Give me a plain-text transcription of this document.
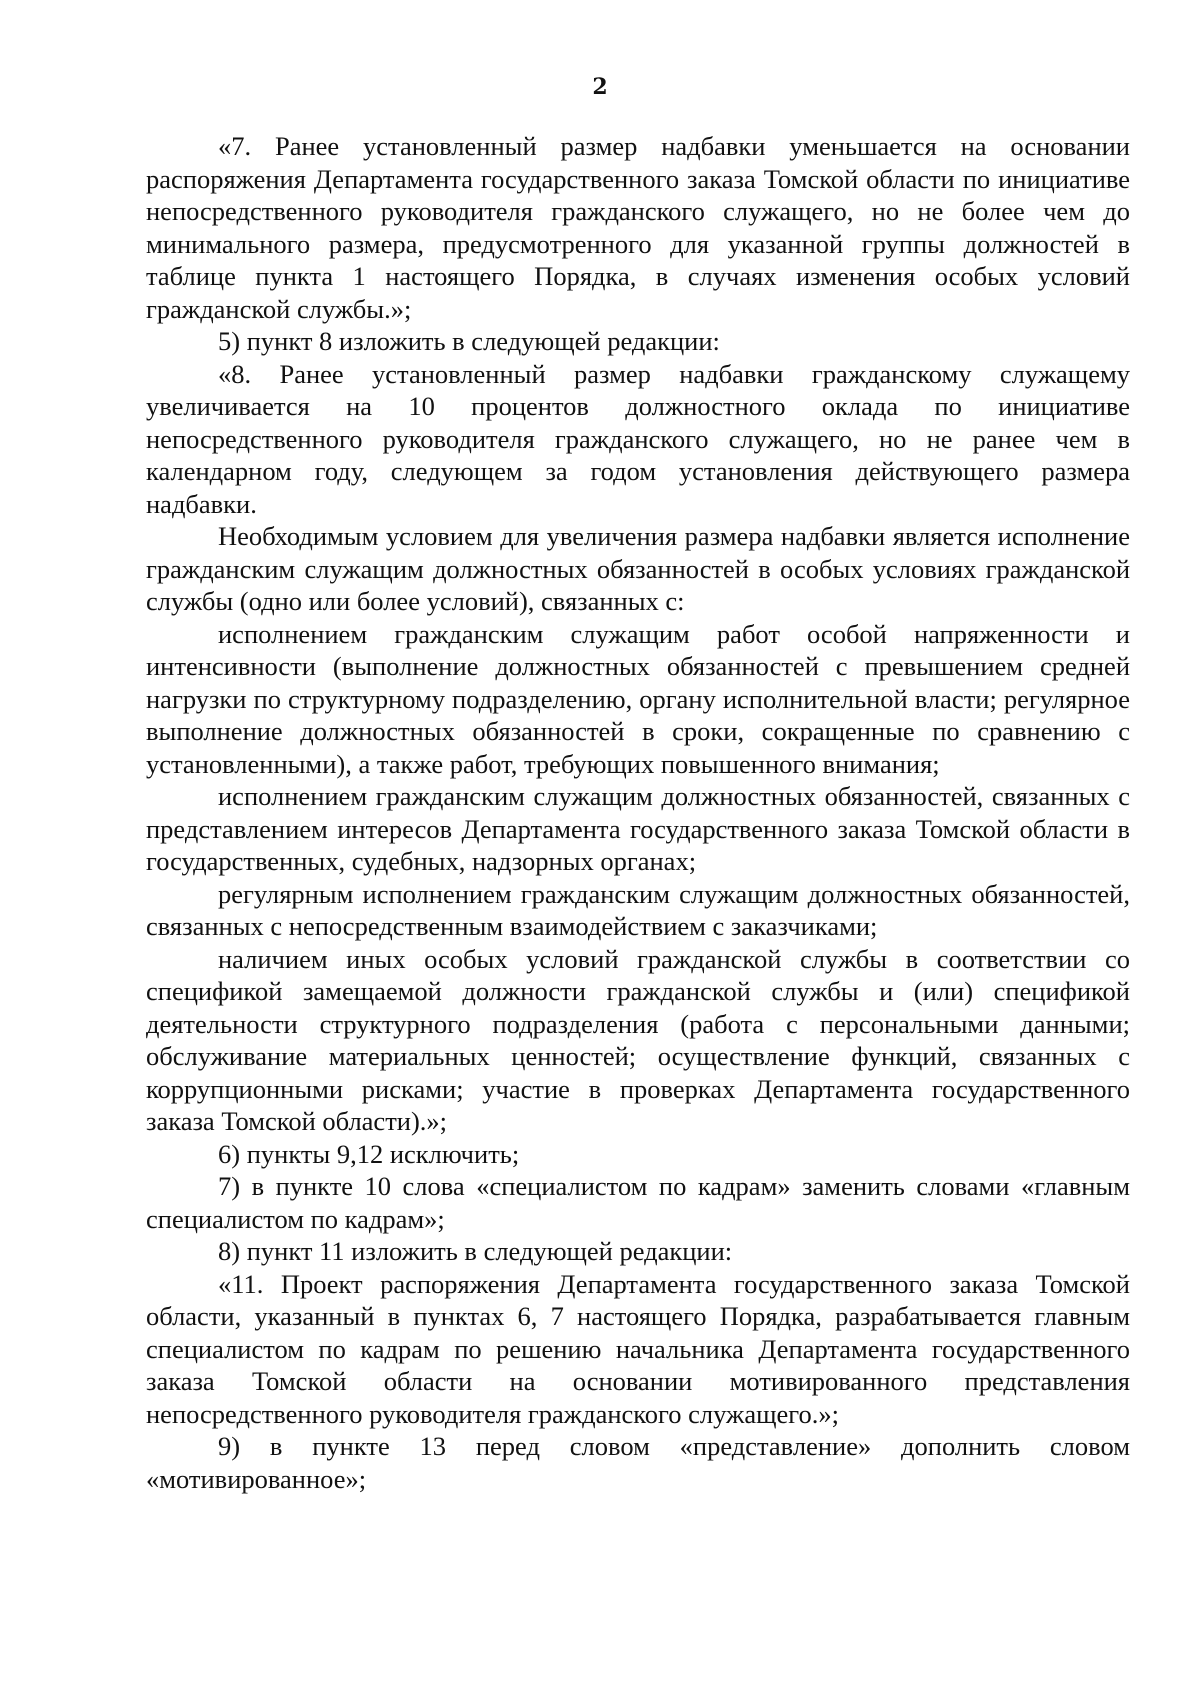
2

«7. Ранее установленный размер надбавки уменьшается на основании распоряжения Департамента государственного заказа Томской области по инициативе непосредственного руководителя гражданского служащего, но не более чем до минимального размера, предусмотренного для указанной группы должностей в таблице пункта 1 настоящего Порядка, в случаях изменения особых условий гражданской службы.»;

5) пункт 8 изложить в следующей редакции:

«8. Ранее установленный размер надбавки гражданскому служащему увеличивается на 10 процентов должностного оклада по инициативе непосредственного руководителя гражданского служащего, но не ранее чем в календарном году, следующем за годом установления действующего размера надбавки.

Необходимым условием для увеличения размера надбавки является исполнение гражданским служащим должностных обязанностей в особых условиях гражданской службы (одно или более условий), связанных с:

исполнением гражданским служащим работ особой напряженности и интенсивности (выполнение должностных обязанностей с превышением средней нагрузки по структурному подразделению, органу исполнительной власти; регулярное выполнение должностных обязанностей в сроки, сокращенные по сравнению с установленными), а также работ, требующих повышенного внимания;

исполнением гражданским служащим должностных обязанностей, связанных с представлением интересов Департамента государственного заказа Томской области в государственных, судебных, надзорных органах;

регулярным исполнением гражданским служащим должностных обязанностей, связанных с непосредственным взаимодействием с заказчиками;

наличием иных особых условий гражданской службы в соответствии со спецификой замещаемой должности гражданской службы и (или) спецификой деятельности структурного подразделения (работа с персональными данными; обслуживание материальных ценностей; осуществление функций, связанных с коррупционными рисками; участие в проверках Департамента государственного заказа Томской области).»;

6) пункты 9,12 исключить;

7) в пункте 10 слова «специалистом по кадрам» заменить словами «главным специалистом по кадрам»;

8) пункт 11 изложить в следующей редакции:

«11. Проект распоряжения Департамента государственного заказа Томской области, указанный в пунктах 6, 7 настоящего Порядка, разрабатывается главным специалистом по кадрам по решению начальника Департамента государственного заказа Томской области на основании мотивированного представления непосредственного руководителя гражданского служащего.»;

9) в пункте 13 перед словом «представление» дополнить словом «мотивированное»;
